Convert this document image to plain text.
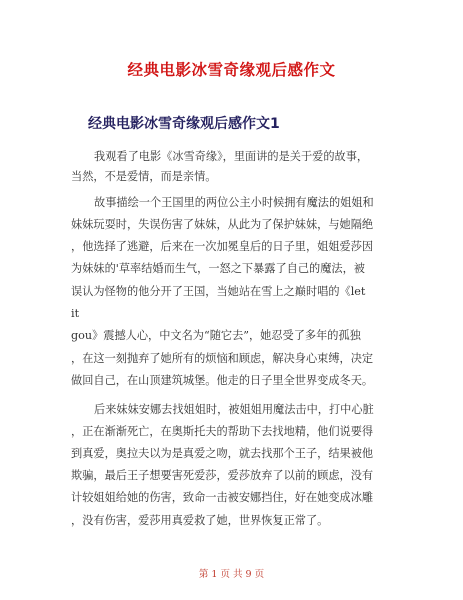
经典电影冰雪奇缘观后感作文
经典电影冰雪奇缘观后感作文1
我观看了电影《冰雪奇缘》，里面讲的是关于爱的故事，
当然，不是爱情，而是亲情。
故事描绘一个王国里的两位公主小时候拥有魔法的姐姐和
妹妹玩耍时，失误伤害了妹妹，从此为了保护妹妹，与她隔绝
，他选择了逃避，后来在一次加冕皇后的日子里，姐姐爱莎因
为妹妹的'草率结婚而生气，一怒之下暴露了自己的魔法，被
误认为怪物的他分开了王国，当她站在雪上之巅时唱的《let
it
gou》震撼人心，中文名为“随它去”，她忍受了多年的孤独
，在这一刻抛弃了她所有的烦恼和顾虑，解决身心束缚，决定
做回自己，在山顶建筑城堡。他走的日子里全世界变成冬天。
后来妹妹安娜去找姐姐时，被姐姐用魔法击中，打中心脏
，正在渐渐死亡，在奥斯托夫的帮助下去找地精，他们说要得
到真爱，奥拉夫以为是真爱之吻，就去找那个王子，结果被他
欺骗，最后王子想要害死爱莎，爱莎放弃了以前的顾虑，没有
计较姐姐给她的伤害，致命一击被安娜挡住，好在她变成冰雕
，没有伤害，爱莎用真爱救了她，世界恢复正常了。
第 1 页 共 9 页
